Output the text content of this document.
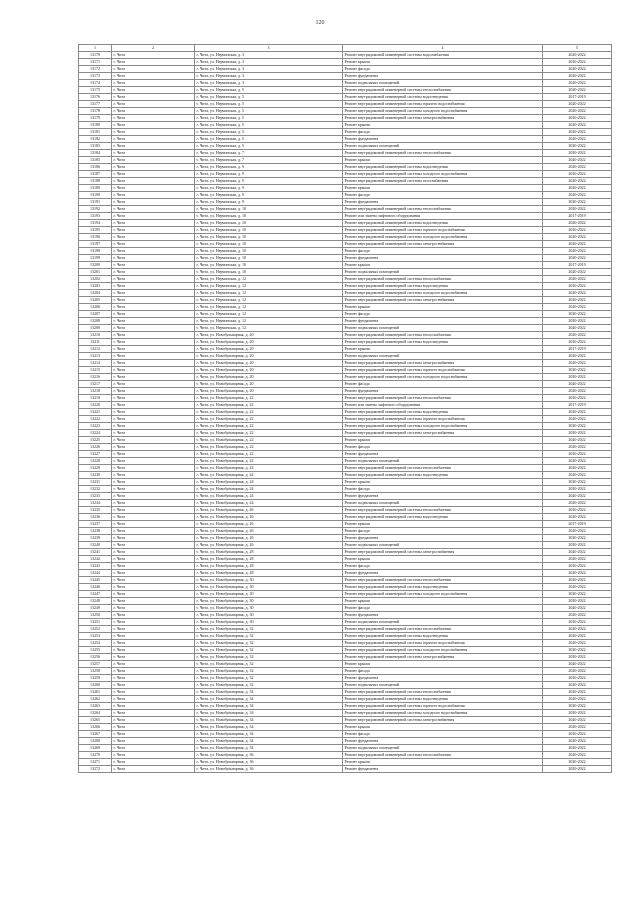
120
1	2	3	4	5
13170	г. Чита	г. Чита, ул. Нерчинская, д. 3	Ремонт внутридомовой инженерной системы водоснабжения	2020-2022
13171	г. Чита	г. Чита, ул. Нерчинская, д. 3	Ремонт крыши	2020-2022
13172	г. Чита	г. Чита, ул. Нерчинская, д. 3	Ремонт фасада	2020-2022
13173	г. Чита	г. Чита, ул. Нерчинская, д. 3	Ремонт фундамента	2020-2022
13174	г. Чита	г. Чита, ул. Нерчинская, д. 3	Ремонт подвальных помещений	2020-2022
13175	г. Чита	г. Чита, ул. Нерчинская, д. 5	Ремонт внутридомовой инженерной системы теплоснабжения	2020-2022
13176	г. Чита	г. Чита, ул. Нерчинская, д. 5	Ремонт внутридомовой инженерной системы водоотведения	2017-2019
13177	г. Чита	г. Чита, ул. Нерчинская, д. 5	Ремонт внутридомовой инженерной системы горячего водоснабжения	2020-2022
13178	г. Чита	г. Чита, ул. Нерчинская, д. 5	Ремонт внутридомовой инженерной системы холодного водоснабжения	2020-2022
13179	г. Чита	г. Чита, ул. Нерчинская, д. 5	Ремонт внутридомовой инженерной системы электроснабжения	2020-2022
13180	г. Чита	г. Чита, ул. Нерчинская, д. 5	Ремонт крыши	2020-2022
13181	г. Чита	г. Чита, ул. Нерчинская, д. 5	Ремонт фасада	2020-2022
13182	г. Чита	г. Чита, ул. Нерчинская, д. 5	Ремонт фундамента	2020-2022
13183	г. Чита	г. Чита, ул. Нерчинская, д. 5	Ремонт подвальных помещений	2020-2022
13184	г. Чита	г. Чита, ул. Нерчинская, д. 7	Ремонт внутридомовой инженерной системы теплоснабжения	2020-2022
13185	г. Чита	г. Чита, ул. Нерчинская, д. 7	Ремонт крыши	2020-2022
13186	г. Чита	г. Чита, ул. Нерчинская, д. 9	Ремонт внутридомовой инженерной системы водоотведения	2020-2022
13187	г. Чита	г. Чита, ул. Нерчинская, д. 9	Ремонт внутридомовой инженерной системы холодного водоснабжения	2020-2022
13188	г. Чита	г. Чита, ул. Нерчинская, д. 9	Ремонт внутридомовой инженерной системы газоснабжения	2020-2022
13189	г. Чита	г. Чита, ул. Нерчинская, д. 9	Ремонт крыши	2020-2022
13190	г. Чита	г. Чита, ул. Нерчинская, д. 9	Ремонт фасада	2020-2022
13191	г. Чита	г. Чита, ул. Нерчинская, д. 9	Ремонт фундамента	2020-2022
13192	г. Чита	г. Чита, ул. Нерчинская, д. 10	Ремонт внутридомовой инженерной системы теплоснабжения	2020-2022
13193	г. Чита	г. Чита, ул. Нерчинская, д. 10	Ремонт или замена лифтового оборудования	2017-2019
13194	г. Чита	г. Чита, ул. Нерчинская, д. 10	Ремонт внутридомовой инженерной системы водоотведения	2020-2022
13195	г. Чита	г. Чита, ул. Нерчинская, д. 10	Ремонт внутридомовой инженерной системы горячего водоснабжения	2020-2022
13196	г. Чита	г. Чита, ул. Нерчинская, д. 10	Ремонт внутридомовой инженерной системы холодного водоснабжения	2020-2022
13197	г. Чита	г. Чита, ул. Нерчинская, д. 10	Ремонт внутридомовой инженерной системы электроснабжения	2020-2022
13198	г. Чита	г. Чита, ул. Нерчинская, д. 10	Ремонт фасада	2020-2022
13199	г. Чита	г. Чита, ул. Нерчинская, д. 10	Ремонт фундамента	2020-2022
13200	г. Чита	г. Чита, ул. Нерчинская, д. 10	Ремонт крыши	2017-2019
13201	г. Чита	г. Чита, ул. Нерчинская, д. 10	Ремонт подвальных помещений	2020-2022
13202	г. Чита	г. Чита, ул. Нерчинская, д. 12	Ремонт внутридомовой инженерной системы теплоснабжения	2020-2022
13203	г. Чита	г. Чита, ул. Нерчинская, д. 12	Ремонт внутридомовой инженерной системы водоотведения	2020-2022
13204	г. Чита	г. Чита, ул. Нерчинская, д. 12	Ремонт внутридомовой инженерной системы холодного водоснабжения	2020-2022
13205	г. Чита	г. Чита, ул. Нерчинская, д. 12	Ремонт внутридомовой инженерной системы электроснабжения	2020-2022
13206	г. Чита	г. Чита, ул. Нерчинская, д. 12	Ремонт крыши	2020-2022
13207	г. Чита	г. Чита, ул. Нерчинская, д. 12	Ремонт фасада	2020-2022
13208	г. Чита	г. Чита, ул. Нерчинская, д. 12	Ремонт фундамента	2020-2022
13209	г. Чита	г. Чита, ул. Нерчинская, д. 12	Ремонт подвальных помещений	2020-2022
13210	г. Чита	г. Чита, ул. Новобульварная, д. 20	Ремонт внутридомовой инженерной системы теплоснабжения	2020-2022
13211	г. Чита	г. Чита, ул. Новобульварная, д. 20	Ремонт внутридомовой инженерной системы водоотведения	2020-2022
13212	г. Чита	г. Чита, ул. Новобульварная, д. 20	Ремонт крыши	2017-2019
13213	г. Чита	г. Чита, ул. Новобульварная, д. 20	Ремонт подвальных помещений	2020-2022
13214	г. Чита	г. Чита, ул. Новобульварная, д. 20	Ремонт внутридомовой инженерной системы электроснабжения	2020-2022
13215	г. Чита	г. Чита, ул. Новобульварная, д. 20	Ремонт внутридомовой инженерной системы горячего водоснабжения	2020-2022
13216	г. Чита	г. Чита, ул. Новобульварная, д. 20	Ремонт внутридомовой инженерной системы холодного водоснабжения	2020-2022
13217	г. Чита	г. Чита, ул. Новобульварная, д. 20	Ремонт фасада	2020-2022
13218	г. Чита	г. Чита, ул. Новобульварная, д. 20	Ремонт фундамента	2020-2022
13219	г. Чита	г. Чита, ул. Новобульварная, д. 22	Ремонт внутридомовой инженерной системы теплоснабжения	2020-2022
13220	г. Чита	г. Чита, ул. Новобульварная, д. 22	Ремонт или замена лифтового оборудования	2017-2019
13221	г. Чита	г. Чита, ул. Новобульварная, д. 22	Ремонт внутридомовой инженерной системы водоотведения	2020-2022
13222	г. Чита	г. Чита, ул. Новобульварная, д. 22	Ремонт внутридомовой инженерной системы горячего водоснабжения	2020-2022
13223	г. Чита	г. Чита, ул. Новобульварная, д. 22	Ремонт внутридомовой инженерной системы холодного водоснабжения	2020-2022
13224	г. Чита	г. Чита, ул. Новобульварная, д. 22	Ремонт внутридомовой инженерной системы электроснабжения	2020-2022
13225	г. Чита	г. Чита, ул. Новобульварная, д. 22	Ремонт крыши	2020-2022
13226	г. Чита	г. Чита, ул. Новобульварная, д. 22	Ремонт фасада	2020-2022
13227	г. Чита	г. Чита, ул. Новобульварная, д. 22	Ремонт фундамента	2020-2022
13228	г. Чита	г. Чита, ул. Новобульварная, д. 22	Ремонт подвальных помещений	2020-2022
13229	г. Чита	г. Чита, ул. Новобульварная, д. 24	Ремонт внутридомовой инженерной системы теплоснабжения	2020-2022
13230	г. Чита	г. Чита, ул. Новобульварная, д. 24	Ремонт внутридомовой инженерной системы водоотведения	2020-2022
13231	г. Чита	г. Чита, ул. Новобульварная, д. 24	Ремонт крыши	2020-2022
13232	г. Чита	г. Чита, ул. Новобульварная, д. 24	Ремонт фасада	2020-2022
13233	г. Чита	г. Чита, ул. Новобульварная, д. 24	Ремонт фундамента	2020-2022
13234	г. Чита	г. Чита, ул. Новобульварная, д. 24	Ремонт подвальных помещений	2020-2022
13235	г. Чита	г. Чита, ул. Новобульварная, д. 26	Ремонт внутридомовой инженерной системы теплоснабжения	2020-2022
13236	г. Чита	г. Чита, ул. Новобульварная, д. 26	Ремонт внутридомовой инженерной системы водоотведения	2020-2022
13237	г. Чита	г. Чита, ул. Новобульварная, д. 26	Ремонт крыши	2017-2019
13238	г. Чита	г. Чита, ул. Новобульварная, д. 26	Ремонт фасада	2020-2022
13239	г. Чита	г. Чита, ул. Новобульварная, д. 26	Ремонт фундамента	2020-2022
13240	г. Чита	г. Чита, ул. Новобульварная, д. 26	Ремонт подвальных помещений	2020-2022
13241	г. Чита	г. Чита, ул. Новобульварная, д. 28	Ремонт внутридомовой инженерной системы электроснабжения	2020-2022
13242	г. Чита	г. Чита, ул. Новобульварная, д. 28	Ремонт крыши	2020-2022
13243	г. Чита	г. Чита, ул. Новобульварная, д. 28	Ремонт фасада	2020-2022
13244	г. Чита	г. Чита, ул. Новобульварная, д. 28	Ремонт фундамента	2020-2022
13245	г. Чита	г. Чита, ул. Новобульварная, д. 30	Ремонт внутридомовой инженерной системы теплоснабжения	2020-2022
13246	г. Чита	г. Чита, ул. Новобульварная, д. 30	Ремонт внутридомовой инженерной системы водоотведения	2020-2022
13247	г. Чита	г. Чита, ул. Новобульварная, д. 30	Ремонт внутридомовой инженерной системы холодного водоснабжения	2020-2022
13248	г. Чита	г. Чита, ул. Новобульварная, д. 30	Ремонт крыши	2020-2022
13249	г. Чита	г. Чита, ул. Новобульварная, д. 30	Ремонт фасада	2020-2022
13250	г. Чита	г. Чита, ул. Новобульварная, д. 30	Ремонт фундамента	2020-2022
13251	г. Чита	г. Чита, ул. Новобульварная, д. 30	Ремонт подвальных помещений	2020-2022
13252	г. Чита	г. Чита, ул. Новобульварная, д. 32	Ремонт внутридомовой инженерной системы теплоснабжения	2020-2022
13253	г. Чита	г. Чита, ул. Новобульварная, д. 32	Ремонт внутридомовой инженерной системы водоотведения	2020-2022
13254	г. Чита	г. Чита, ул. Новобульварная, д. 32	Ремонт внутридомовой инженерной системы горячего водоснабжения	2020-2022
13255	г. Чита	г. Чита, ул. Новобульварная, д. 32	Ремонт внутридомовой инженерной системы холодного водоснабжения	2020-2022
13256	г. Чита	г. Чита, ул. Новобульварная, д. 32	Ремонт внутридомовой инженерной системы электроснабжения	2020-2022
13257	г. Чита	г. Чита, ул. Новобульварная, д. 32	Ремонт крыши	2020-2022
13258	г. Чита	г. Чита, ул. Новобульварная, д. 32	Ремонт фасада	2020-2022
13259	г. Чита	г. Чита, ул. Новобульварная, д. 32	Ремонт фундамента	2020-2022
13260	г. Чита	г. Чита, ул. Новобульварная, д. 32	Ремонт подвальных помещений	2020-2022
13261	г. Чита	г. Чита, ул. Новобульварная, д. 34	Ремонт внутридомовой инженерной системы теплоснабжения	2020-2022
13262	г. Чита	г. Чита, ул. Новобульварная, д. 34	Ремонт внутридомовой инженерной системы водоотведения	2020-2022
13263	г. Чита	г. Чита, ул. Новобульварная, д. 34	Ремонт внутридомовой инженерной системы горячего водоснабжения	2020-2022
13264	г. Чита	г. Чита, ул. Новобульварная, д. 34	Ремонт внутридомовой инженерной системы холодного водоснабжения	2020-2022
13265	г. Чита	г. Чита, ул. Новобульварная, д. 34	Ремонт внутридомовой инженерной системы электроснабжения	2020-2022
13266	г. Чита	г. Чита, ул. Новобульварная, д. 34	Ремонт крыши	2020-2022
13267	г. Чита	г. Чита, ул. Новобульварная, д. 34	Ремонт фасада	2020-2022
13268	г. Чита	г. Чита, ул. Новобульварная, д. 34	Ремонт фундамента	2020-2022
13269	г. Чита	г. Чита, ул. Новобульварная, д. 34	Ремонт подвальных помещений	2020-2022
13270	г. Чита	г. Чита, ул. Новобульварная, д. 36	Ремонт внутридомовой инженерной системы теплоснабжения	2020-2022
13271	г. Чита	г. Чита, ул. Новобульварная, д. 36	Ремонт крыши	2020-2022
13272	г. Чита	г. Чита, ул. Новобульварная, д. 36	Ремонт фундамента	2020-2022
